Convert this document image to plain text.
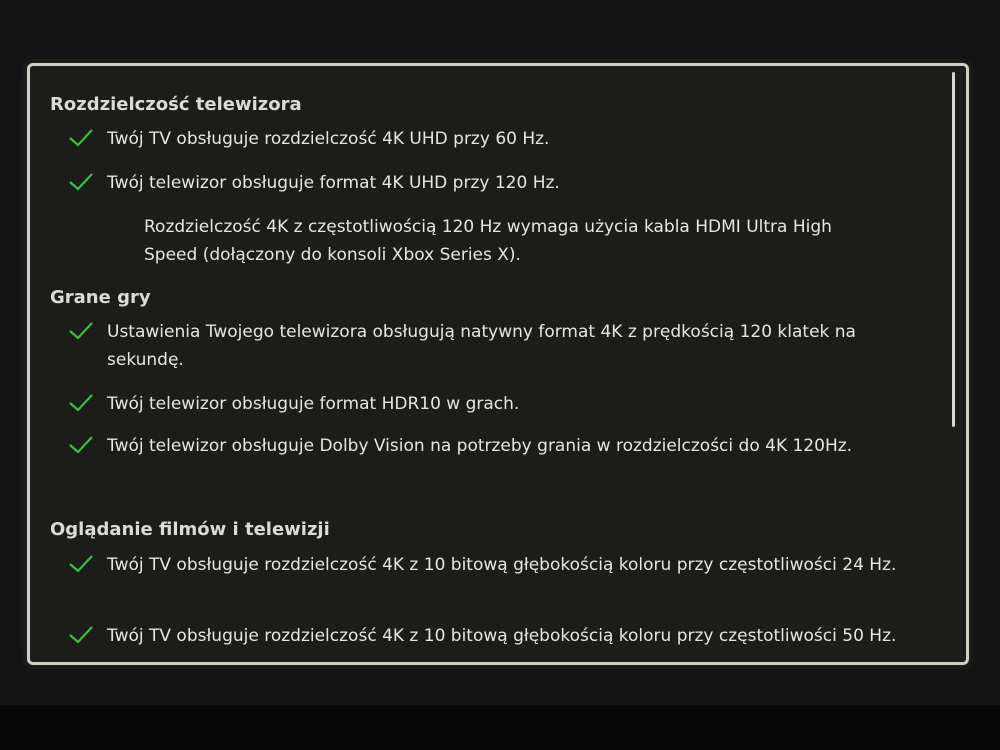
Rozdzielczość telewizora
Twój TV obsługuje rozdzielczość 4K UHD przy 60 Hz.
Twój telewizor obsługuje format 4K UHD przy 120 Hz.
Rozdzielczość 4K z częstotliwością 120 Hz wymaga użycia kabla HDMI Ultra High Speed (dołączony do konsoli Xbox Series X).
Grane gry
Ustawienia Twojego telewizora obsługują natywny format 4K z prędkością 120 klatek na sekundę.
Twój telewizor obsługuje format HDR10 w grach.
Twój telewizor obsługuje Dolby Vision na potrzeby grania w rozdzielczości do 4K 120Hz.
Oglądanie filmów i telewizji
Twój TV obsługuje rozdzielczość 4K z 10 bitową głębokością koloru przy częstotliwości 24 Hz.
Twój TV obsługuje rozdzielczość 4K z 10 bitową głębokością koloru przy częstotliwości 50 Hz.
